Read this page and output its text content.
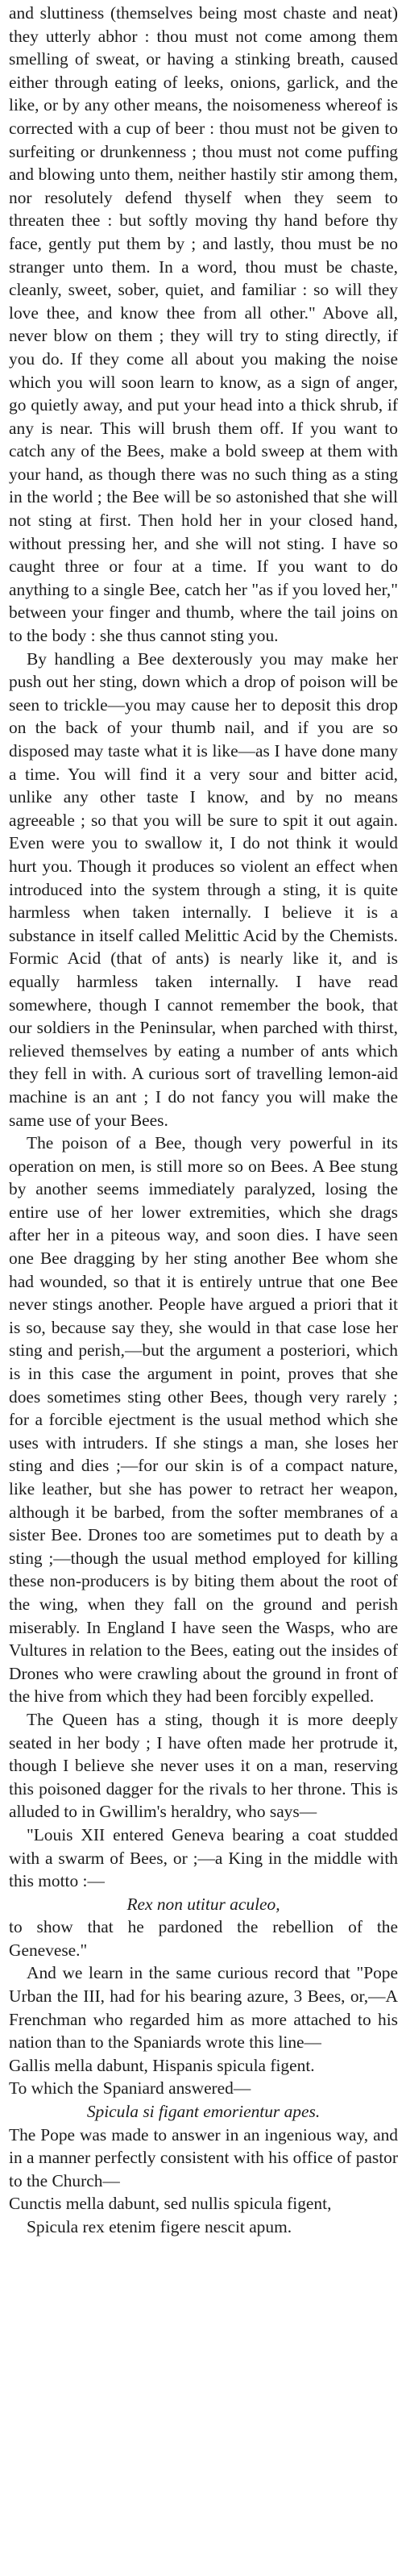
and sluttiness (themselves being most chaste and neat) they utterly abhor : thou must not come among them smelling of sweat, or having a stinking breath, caused either through eating of leeks, onions, garlick, and the like, or by any other means, the noisomeness whereof is corrected with a cup of beer : thou must not be given to surfeiting or drunkenness ; thou must not come puffing and blowing unto them, neither hastily stir among them, nor resolutely defend thyself when they seem to threaten thee : but softly moving thy hand before thy face, gently put them by ; and lastly, thou must be no stranger unto them. In a word, thou must be chaste, cleanly, sweet, sober, quiet, and familiar : so will they love thee, and know thee from all other." Above all, never blow on them ; they will try to sting directly, if you do. If they come all about you making the noise which you will soon learn to know, as a sign of anger, go quietly away, and put your head into a thick shrub, if any is near. This will brush them off. If you want to catch any of the Bees, make a bold sweep at them with your hand, as though there was no such thing as a sting in the world ; the Bee will be so astonished that she will not sting at first. Then hold her in your closed hand, without pressing her, and she will not sting. I have so caught three or four at a time. If you want to do anything to a single Bee, catch her "as if you loved her," between your finger and thumb, where the tail joins on to the body : she thus cannot sting you.

By handling a Bee dexterously you may make her push out her sting, down which a drop of poison will be seen to trickle—you may cause her to deposit this drop on the back of your thumb nail, and if you are so disposed may taste what it is like—as I have done many a time. You will find it a very sour and bitter acid, unlike any other taste I know, and by no means agreeable ; so that you will be sure to spit it out again. Even were you to swallow it, I do not think it would hurt you. Though it produces so violent an effect when introduced into the system through a sting, it is quite harmless when taken internally. I believe it is a substance in itself called Melittic Acid by the Chemists. Formic Acid (that of ants) is nearly like it, and is equally harmless taken internally. I have read somewhere, though I cannot remember the book, that our soldiers in the Peninsular, when parched with thirst, relieved themselves by eating a number of ants which they fell in with. A curious sort of travelling lemon-aid machine is an ant ; I do not fancy you will make the same use of your Bees.

The poison of a Bee, though very powerful in its operation on men, is still more so on Bees. A Bee stung by another seems immediately paralyzed, losing the entire use of her lower extremities, which she drags after her in a piteous way, and soon dies. I have seen one Bee dragging by her sting another Bee whom she had wounded, so that it is entirely untrue that one Bee never stings another. People have argued a priori that it is so, because say they, she would in that case lose her sting and perish,—but the argument a posteriori, which is in this case the argument in point, proves that she does sometimes sting other Bees, though very rarely ; for a forcible ejectment is the usual method which she uses with intruders. If she stings a man, she loses her sting and dies ;—for our skin is of a compact nature, like leather, but she has power to retract her weapon, although it be barbed, from the softer membranes of a sister Bee. Drones too are sometimes put to death by a sting ;—though the usual method employed for killing these non-producers is by biting them about the root of the wing, when they fall on the ground and perish miserably. In England I have seen the Wasps, who are Vultures in relation to the Bees, eating out the insides of Drones who were crawling about the ground in front of the hive from which they had been forcibly expelled.

The Queen has a sting, though it is more deeply seated in her body ; I have often made her protrude it, though I believe she never uses it on a man, reserving this poisoned dagger for the rivals to her throne. This is alluded to in Gwillim's heraldry, who says—

"Louis XII entered Geneva bearing a coat studded with a swarm of Bees, or ;—a King in the middle with this motto :—

Rex non utitur aculeo,

to show that he pardoned the rebellion of the Genevese."

And we learn in the same curious record that "Pope Urban the III, had for his bearing azure, 3 Bees, or,—A Frenchman who regarded him as more attached to his nation than to the Spaniards wrote this line—

Gallis mella dabunt, Hispanis spicula figent.

To which the Spaniard answered—

Spicula si figant emorientur apes.

The Pope was made to answer in an ingenious way, and in a manner perfectly consistent with his office of pastor to the Church—

Cunctis mella dabunt, sed nullis spicula figent,

Spicula rex etenim figere nescit apum.
